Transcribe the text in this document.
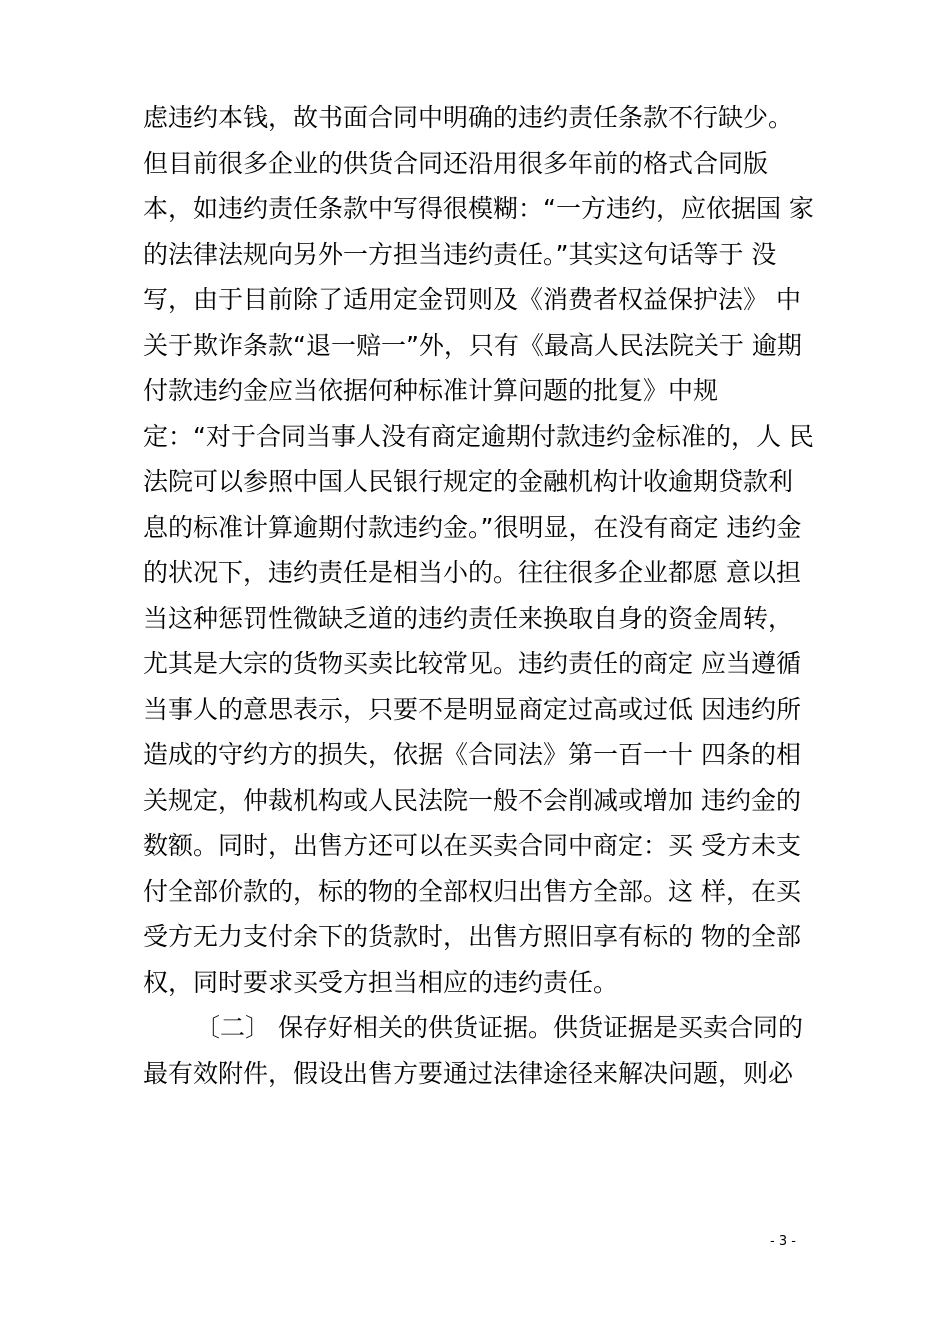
虑违约本钱，故书面合同中明确的违约责任条款不行缺少。
但目前很多企业的供货合同还沿用很多年前的格式合同版
本，如违约责任条款中写得很模糊：“一方违约，应依据国 家
的法律法规向另外一方担当违约责任。”其实这句话等于 没
写，由于目前除了适用定金罚则及《消费者权益保护法》 中
关于欺诈条款“退一赔一”外，只有《最高人民法院关于 逾期
付款违约金应当依据何种标准计算问题的批复》中规
定：“对于合同当事人没有商定逾期付款违约金标准的，人 民
法院可以参照中国人民银行规定的金融机构计收逾期贷款利
息的标准计算逾期付款违约金。”很明显，在没有商定 违约金
的状况下，违约责任是相当小的。往往很多企业都愿 意以担
当这种惩罚性微缺乏道的违约责任来换取自身的资金周转，
尤其是大宗的货物买卖比较常见。违约责任的商定 应当遵循
当事人的意思表示，只要不是明显商定过高或过低 因违约所
造成的守约方的损失，依据《合同法》第一百一十 四条的相
关规定，仲裁机构或人民法院一般不会削减或增加 违约金的
数额。同时，出售方还可以在买卖合同中商定：买 受方未支
付全部价款的，标的物的全部权归出售方全部。这 样，在买
受方无力支付余下的货款时，出售方照旧享有标的 物的全部
权，同时要求买受方担当相应的违约责任。
〔二〕 保存好相关的供货证据。供货证据是买卖合同的
最有效附件，假设出售方要通过法律途径来解决问题，则必
- 3 -
